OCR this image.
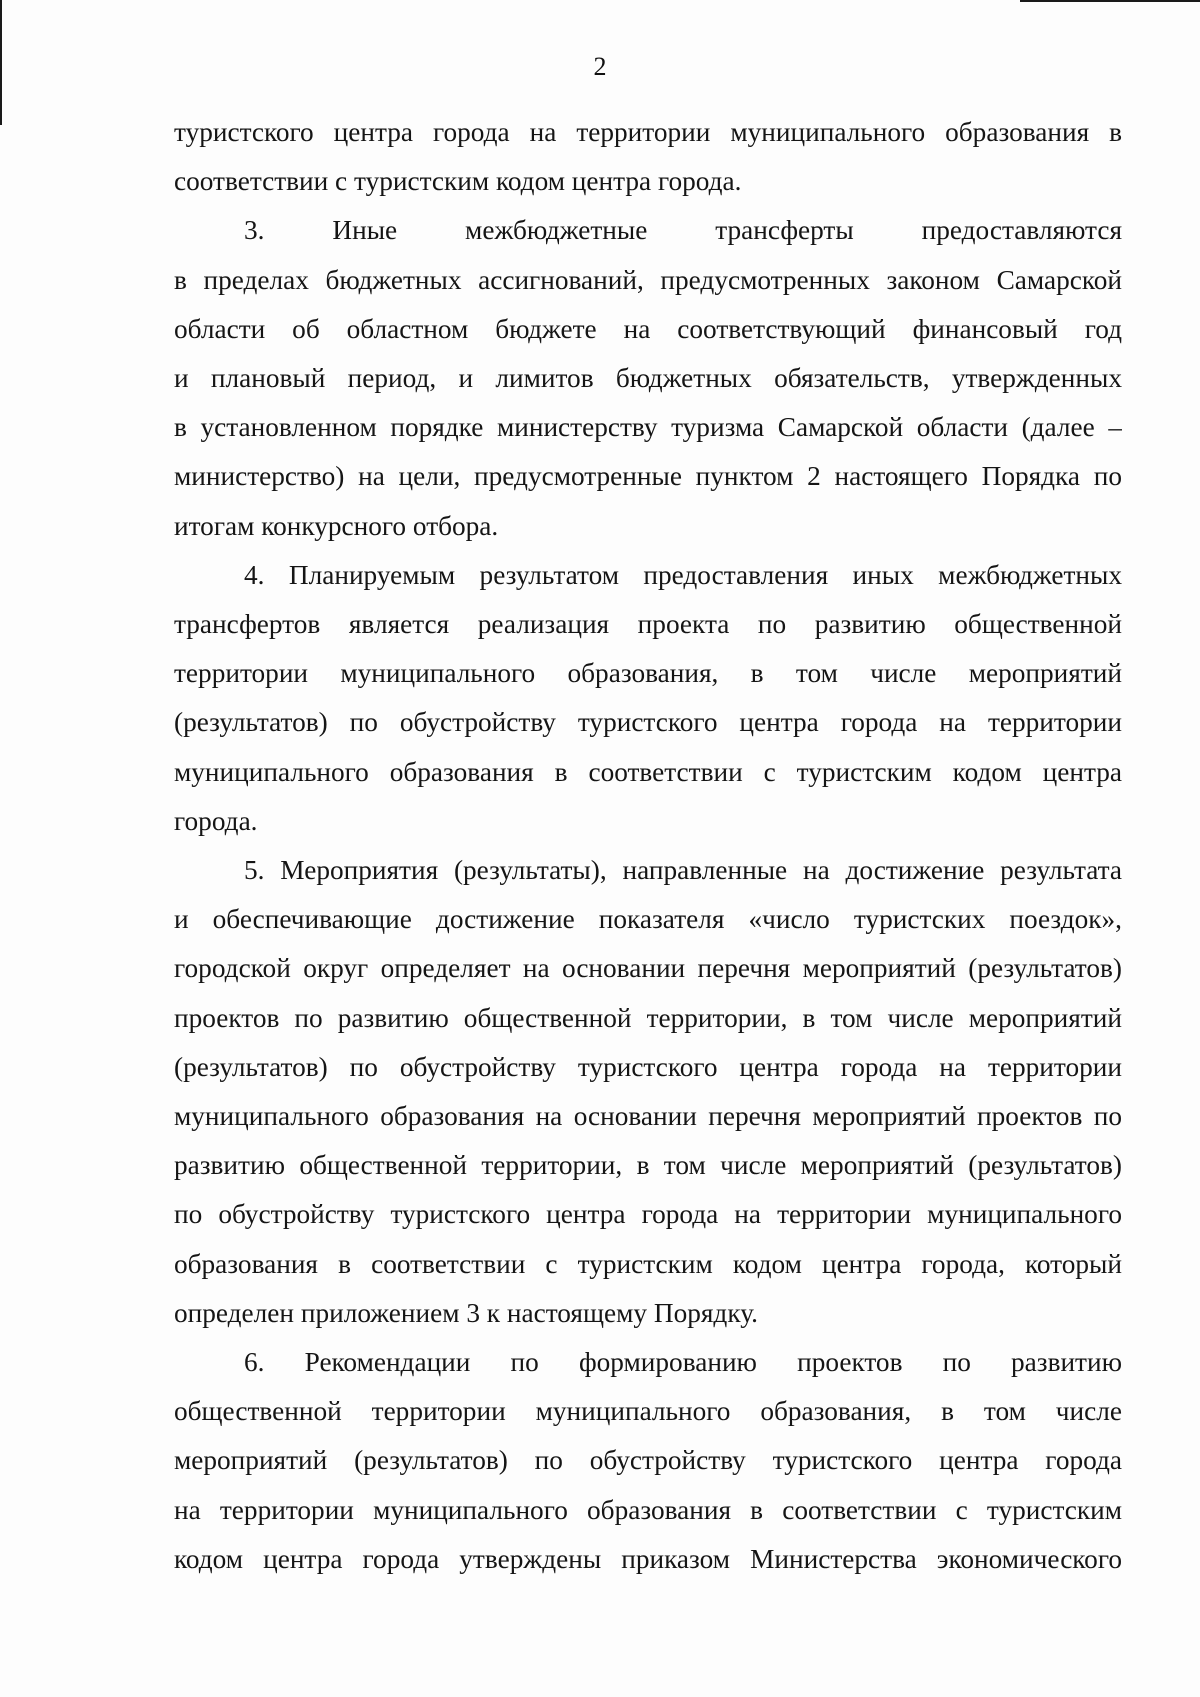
2
туристского центра города на территории муниципального образования в
соответствии с туристским кодом центра города.
3. Иные межбюджетные трансферты предоставляются
в пределах бюджетных ассигнований, предусмотренных законом Самарской
области об областном бюджете на соответствующий финансовый год
и плановый период, и лимитов бюджетных обязательств, утвержденных
в установленном порядке министерству туризма Самарской области (далее –
министерство) на цели, предусмотренные пунктом 2 настоящего Порядка по
итогам конкурсного отбора.
4. Планируемым результатом предоставления иных межбюджетных
трансфертов является реализация проекта по развитию общественной
территории муниципального образования, в том числе мероприятий
(результатов) по обустройству туристского центра города на территории
муниципального образования в соответствии с туристским кодом центра
города.
5. Мероприятия (результаты), направленные на достижение результата
и обеспечивающие достижение показателя «число туристских поездок»,
городской округ определяет на основании перечня мероприятий (результатов)
проектов по развитию общественной территории, в том числе мероприятий
(результатов) по обустройству туристского центра города на территории
муниципального образования на основании перечня мероприятий проектов по
развитию общественной территории, в том числе мероприятий (результатов)
по обустройству туристского центра города на территории муниципального
образования в соответствии с туристским кодом центра города, который
определен приложением 3 к настоящему Порядку.
6. Рекомендации по формированию проектов по развитию
общественной территории муниципального образования, в том числе
мероприятий (результатов) по обустройству туристского центра города
на территории муниципального образования в соответствии с туристским
кодом центра города утверждены приказом Министерства экономического
